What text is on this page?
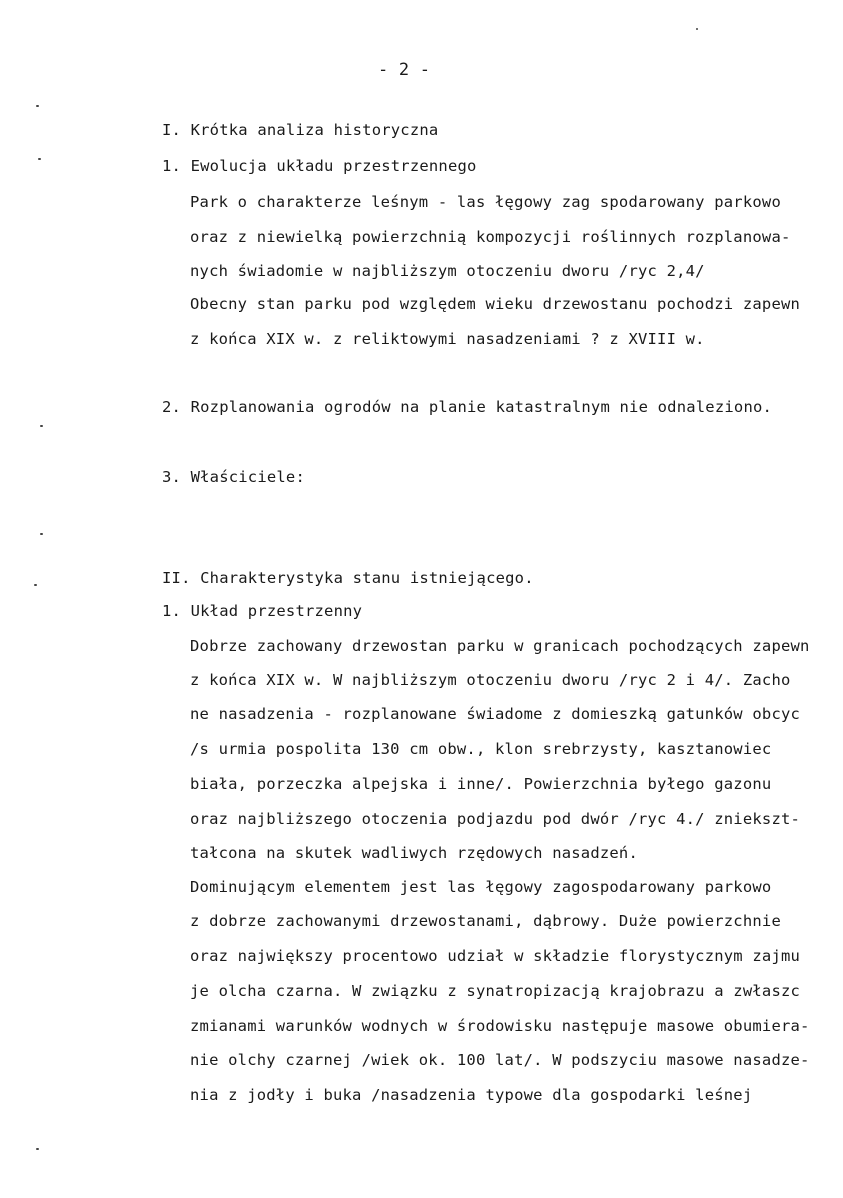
- 2 -
I. Krótka analiza historyczna
1. Ewolucja układu przestrzennego
Park o charakterze leśnym - las łęgowy zag spodarowany parkowo
oraz z niewielką powierzchnią kompozycji roślinnych rozplanowa-
nych świadomie w najbliższym otoczeniu dworu /ryc 2,4/
Obecny stan parku pod względem wieku drzewostanu pochodzi zapewn
z końca XIX w. z reliktowymi nasadzeniami ? z XVIII w.
2. Rozplanowania ogrodów na planie katastralnym nie odnaleziono.
3. Właściciele:
II. Charakterystyka stanu istniejącego.
1. Układ przestrzenny
Dobrze zachowany drzewostan parku w granicach pochodzących zapewn
z końca XIX w. W najbliższym otoczeniu dworu /ryc 2 i 4/. Zacho
ne nasadzenia - rozplanowane świadome z domieszką gatunków obcyc
/s urmia pospolita 130 cm obw., klon srebrzysty, kasztanowiec
biała, porzeczka alpejska i inne/. Powierzchnia byłego gazonu
oraz najbliższego otoczenia podjazdu pod dwór /ryc 4./ zniekszt-
tałcona na skutek wadliwych rzędowych nasadzeń.
Dominującym elementem jest las łęgowy zagospodarowany parkowo
z dobrze zachowanymi drzewostanami, dąbrowy. Duże powierzchnie
oraz największy procentowo udział w składzie florystycznym zajmu
je olcha czarna. W związku z synatropizacją krajobrazu a zwłaszc
zmianami warunków wodnych w środowisku następuje masowe obumiera-
nie olchy czarnej /wiek ok. 100 lat/. W podszyciu masowe nasadze-
nia z jodły i buka /nasadzenia typowe dla gospodarki leśnej
